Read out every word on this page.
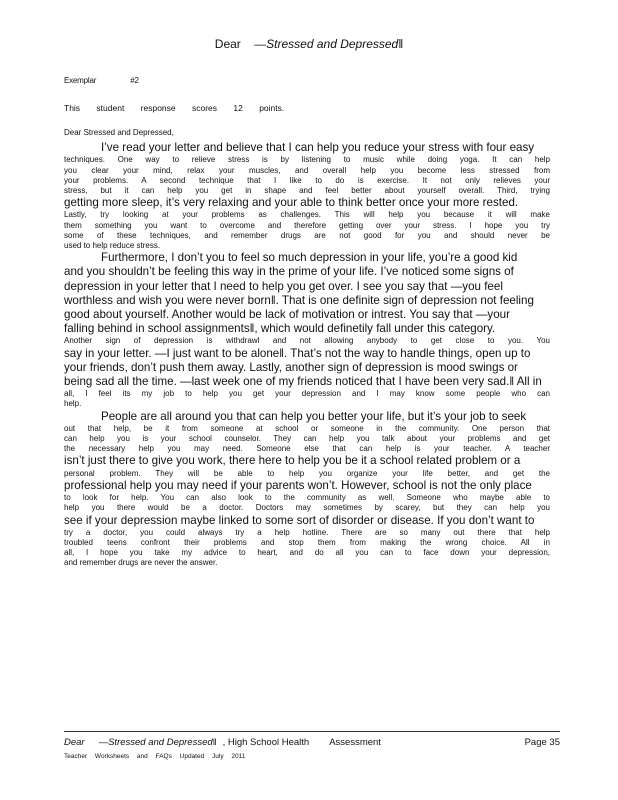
Dear —Stressed and Depressed‖
Exemplar	#2
This student response scores 12 points.
Dear Stressed and Depressed,
I’ve read your letter and believe that I can help you reduce your stress with four easy
techniques. One way to relieve stress is by listening to music while doing yoga. It can help
you clear your mind, relax your muscles, and overall help you become less stressed from
your problems. A second technique that I like to do is exercise. It not only relieves your
stress, but it can help you get in shape and feel better about yourself overall. Third, trying
getting more sleep, it’s very relaxing and your able to think better once your more rested.
Lastly, try looking at your problems as challenges. This will help you because it will make
them something you want to overcome and therefore getting over your stress. I hope you try
some of these techniques, and remember drugs are not good for you and should never be
used to help reduce stress.
Furthermore, I don’t you to feel so much depression in your life, you’re a good kid
and you shouldn’t be feeling this way in the prime of your life. I’ve noticed some signs of
depression in your letter that I need to help you get over. I see you say that —you feel
worthless and wish you were never born‖. That is one definite sign of depression not feeling
good about yourself. Another would be lack of motivation or intrest. You say that —your
falling behind in school assignments‖, which would definetily fall under this category.
Another sign of depression is withdrawl and not allowing anybody to get close to you. You
say in your letter. —I just want to be alone‖. That’s not the way to handle things, open up to
your friends, don’t push them away. Lastly, another sign of depression is mood swings or
being sad all the time. —last week one of my friends noticed that I have been very sad.‖ All in
all, I feel its my job to help you get your depression and I may know some people who can
help.
People are all around you that can help you better your life, but it’s your job to seek
out that help, be it from someone at school or someone in the community. One person that
can help you is your school counselor. They can help you talk about your problems and get
the necessary help you may need. Someone else that can help is your teacher. A teacher
isn’t just there to give you work, there here to help you be it a school related problem or a
personal problem. They will be able to help you organize your life better, and get the
professional help you may need if your parents won’t. However, school is not the only place
to look for help. You can also look to the community as well. Someone who maybe able to
help you there would be a doctor. Doctors may sometimes by scarey, but they can help you
see if your depression maybe linked to some sort of disorder or disease. If you don’t want to
try a doctor, you could always try a help hotline. There are so many out there that help
troubled teens confront their problems and stop them from making the wrong choice. All in
all, I hope you take my advice to heart, and do all you can to face down your depression,
and remember drugs are never the answer.
Dear —Stressed and Depressed‖ , High School Health Assessment	Page 35
Teacher Worksheets and FAQs Updated July 2011
